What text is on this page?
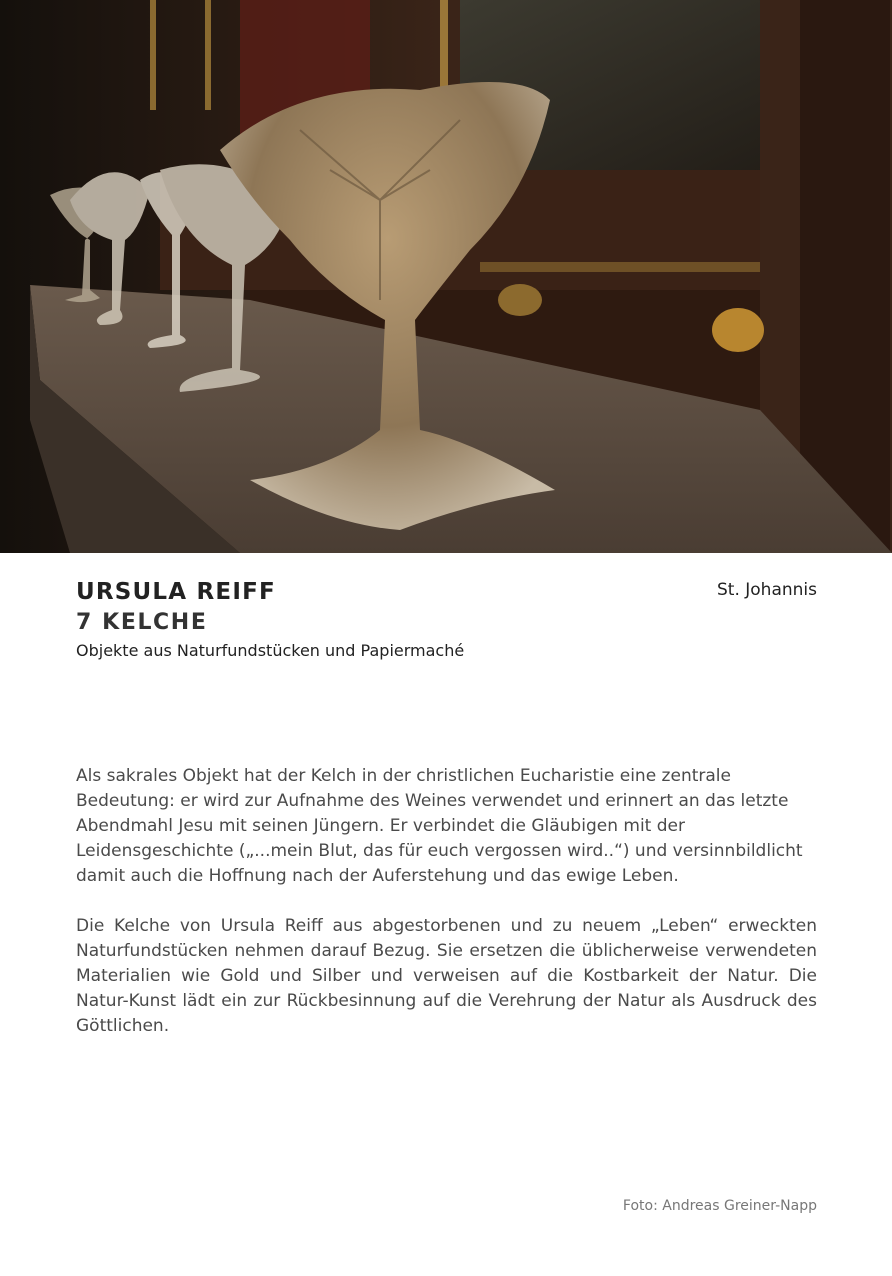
St. Johannis
URSULA REIFF
7 KELCHE
Objekte aus Naturfundstücken und Papiermaché

Als sakrales Objekt hat der Kelch in der christlichen Eucharistie eine zentrale Bedeutung: er wird zur Aufnahme des Weines verwendet und erinnert an das letzte Abendmahl Jesu mit seinen Jüngern. Er verbindet die Gläubigen mit der Leidensgeschichte („...mein Blut, das für euch vergossen wird..“) und versinnbildlicht damit auch die Hoffnung nach der Auferstehung und das ewige Leben.

Die Kelche von Ursula Reiff aus abgestorbenen und zu neuem „Leben“ erweckten Naturfundstücken nehmen darauf Bezug. Sie ersetzen die üblicherweise verwendeten Materialien wie Gold und Silber und verweisen auf die Kostbarkeit der Natur. Die Natur-Kunst lädt ein zur Rückbesinnung auf die Verehrung der Natur als Ausdruck des Göttlichen.

Foto: Andreas Greiner-Napp
